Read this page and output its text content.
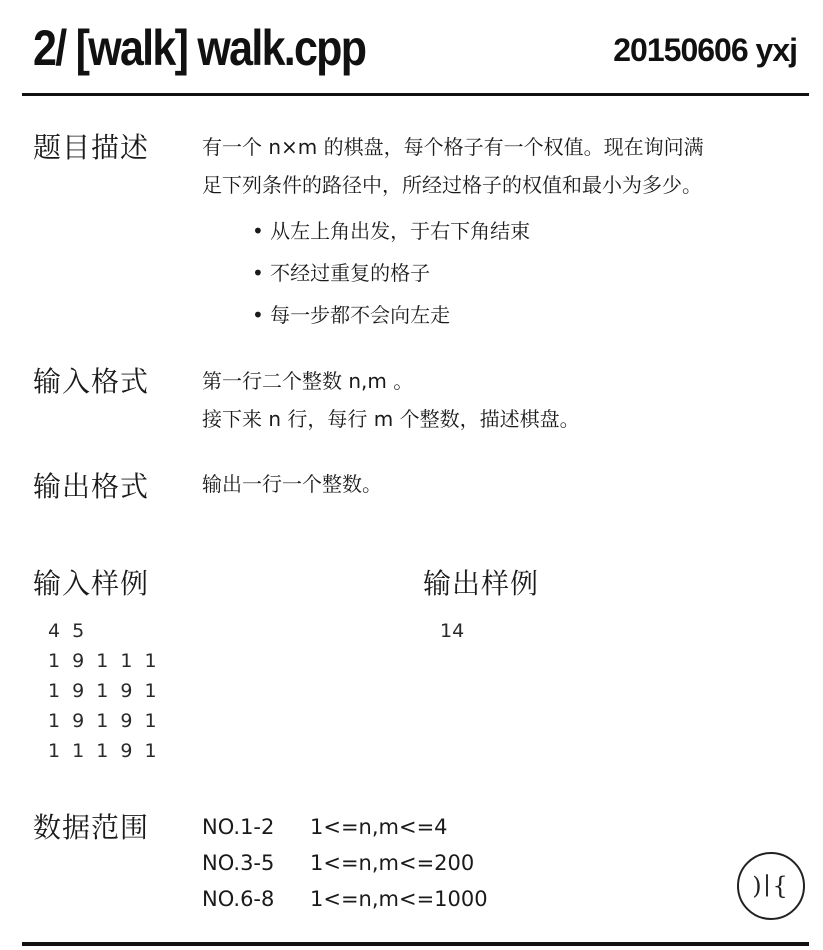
2/ [walk] walk.cpp	20150606 yxj
题目描述	有一个 n×m 的棋盘，每个格子有一个权值。现在询问满
足下列条件的路径中，所经过格子的权值和最小为多少。
• 从左上角出发，于右下角结束
• 不经过重复的格子
• 每一步都不会向左走
输入格式	第一行二个整数 n,m 。
接下来 n 行，每行 m 个整数，描述棋盘。
输出格式	输出一行一个整数。
输入样例	输出样例
4 5
1 9 1 1 1
1 9 1 9 1
1 9 1 9 1
1 1 1 9 1
14
数据范围	NO.1-2 1<=n,m<=4
NO.3-5 1<=n,m<=200
NO.6-8 1<=n,m<=1000	)∣{
